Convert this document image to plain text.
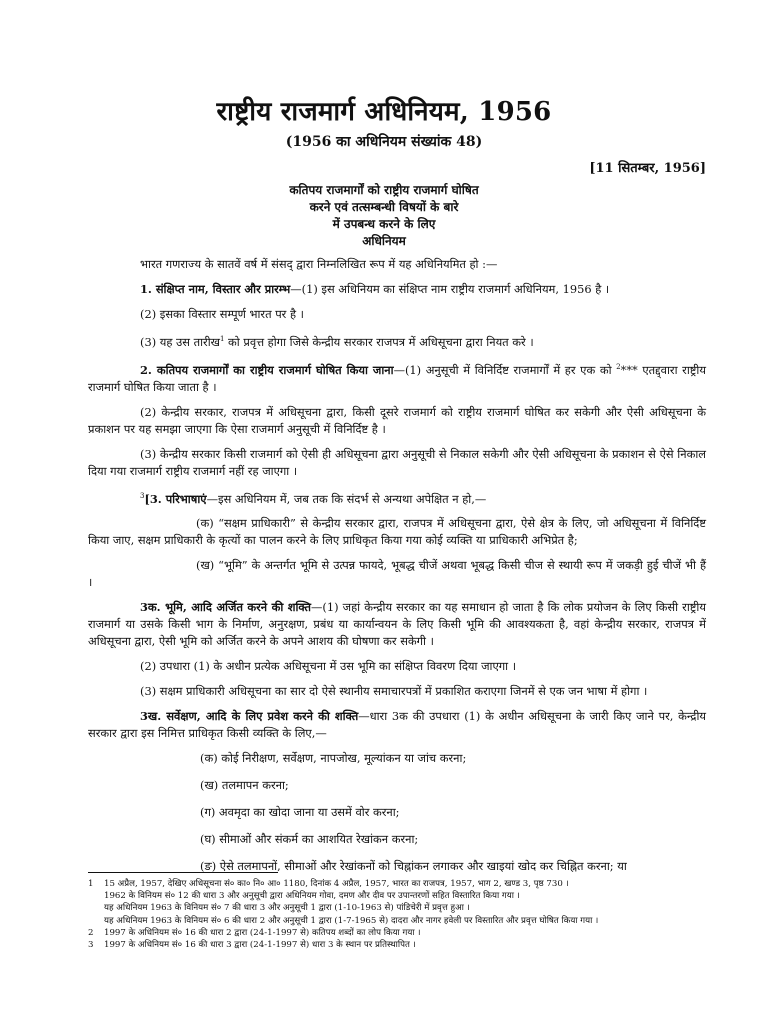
राष्ट्रीय राजमार्ग अधिनियम, 1956
(1956 का अधिनियम संख्यांक 48)
[11 सितम्बर, 1956]
कतिपय राजमार्गों को राष्ट्रीय राजमार्ग घोषित
करने एवं तत्सम्बन्धी विषयों के बारे
में उपबन्ध करने के लिए
अधिनियम

भारत गणराज्य के सातवें वर्ष में संसद् द्वारा निम्नलिखित रूप में यह अधिनियमित हो :—

1. संक्षिप्त नाम, विस्तार और प्रारम्भ—(1) इस अधिनियम का संक्षिप्त नाम राष्ट्रीय राजमार्ग अधिनियम, 1956 है ।

(2) इसका विस्तार सम्पूर्ण भारत पर है ।

(3) यह उस तारीख$^1$ को प्रवृत्त होगा जिसे केन्द्रीय सरकार राजपत्र में अधिसूचना द्वारा नियत करे ।

2. कतिपय राजमार्गों का राष्ट्रीय राजमार्ग घोषित किया जाना—(1) अनुसूची में विनिर्दिष्ट राजमार्गों में हर एक को $^2$*** एतद्द्वारा राष्ट्रीय राजमार्ग घोषित किया जाता है ।

(2) केन्द्रीय सरकार, राजपत्र में अधिसूचना द्वारा, किसी दूसरे राजमार्ग को राष्ट्रीय राजमार्ग घोषित कर सकेगी और ऐसी अधिसूचना के प्रकाशन पर यह समझा जाएगा कि ऐसा राजमार्ग अनुसूची में विनिर्दिष्ट है ।

(3) केन्द्रीय सरकार किसी राजमार्ग को ऐसी ही अधिसूचना द्वारा अनुसूची से निकाल सकेगी और ऐसी अधिसूचना के प्रकाशन से ऐसे निकाल दिया गया राजमार्ग राष्ट्रीय राजमार्ग नहीं रह जाएगा ।

$^3$[3. परिभाषाएं—इस अधिनियम में, जब तक कि संदर्भ से अन्यथा अपेक्षित न हो,—

(क) “सक्षम प्राधिकारी” से केन्द्रीय सरकार द्वारा, राजपत्र में अधिसूचना द्वारा, ऐसे क्षेत्र के लिए, जो अधिसूचना में विनिर्दिष्ट किया जाए, सक्षम प्राधिकारी के कृत्यों का पालन करने के लिए प्राधिकृत किया गया कोई व्यक्ति या प्राधिकारी अभिप्रेत है;

(ख) “भूमि” के अन्तर्गत भूमि से उत्पन्न फायदे, भूबद्ध चीजें अथवा भूबद्ध किसी चीज से स्थायी रूप में जकड़ी हुई चीजें भी हैं ।

3क. भूमि, आदि अर्जित करने की शक्ति—(1) जहां केन्द्रीय सरकार का यह समाधान हो जाता है कि लोक प्रयोजन के लिए किसी राष्ट्रीय राजमार्ग या उसके किसी भाग के निर्माण, अनुरक्षण, प्रबंध या कार्यान्वयन के लिए किसी भूमि की आवश्यकता है, वहां केन्द्रीय सरकार, राजपत्र में अधिसूचना द्वारा, ऐसी भूमि को अर्जित करने के अपने आशय की घोषणा कर सकेगी ।

(2) उपधारा (1) के अधीन प्रत्येक अधिसूचना में उस भूमि का संक्षिप्त विवरण दिया जाएगा ।

(3) सक्षम प्राधिकारी अधिसूचना का सार दो ऐसे स्थानीय समाचारपत्रों में प्रकाशित कराएगा जिनमें से एक जन भाषा में होगा ।

3ख. सर्वेक्षण, आदि के लिए प्रवेश करने की शक्ति—धारा 3क की उपधारा (1) के अधीन अधिसूचना के जारी किए जाने पर, केन्द्रीय सरकार द्वारा इस निमित्त प्राधिकृत किसी व्यक्ति के लिए,—

(क) कोई निरीक्षण, सर्वेक्षण, नापजोख, मूल्यांकन या जांच करना;

(ख) तलमापन करना;

(ग) अवमृदा का खोदा जाना या उसमें वोर करना;

(घ) सीमाओं और संकर्म का आशयित रेखांकन करना;

(ङ) ऐसे तलमापनों, सीमाओं और रेखांकनों को चिह्नांकन लगाकर और खाइयां खोद कर चिह्नित करना; या

1	15 अप्रैल, 1957, देखिए अधिसूचना सं० का० नि० आ० 1180, दिनांक 4 अप्रैल, 1957, भारत का राजपत्र, 1957, भाग 2, खण्ड 3, पृष्ठ 730 ।
1962 के विनियम सं० 12 की धारा 3 और अनुसूची द्वारा अधिनियम गोवा, दमण और दीव पर उपान्तरणों सहित विस्तारित किया गया ।
यह अधिनियम 1963 के विनियम सं० 7 की धारा 3 और अनुसूची 1 द्वारा (1-10-1963 से) पांडिचेरी में प्रवृत्त हुआ ।
यह अधिनियम 1963 के विनियम सं० 6 की धारा 2 और अनुसूची 1 द्वारा (1-7-1965 से) दादरा और नागर हवेली पर विस्तारित और प्रवृत्त घोषित किया गया ।
2	1997 के अधिनियम सं० 16 की धारा 2 द्वारा (24-1-1997 से) कतिपय शब्दों का लोप किया गया ।
3	1997 के अधिनियम सं० 16 की धारा 3 द्वारा (24-1-1997 से) धारा 3 के स्थान पर प्रतिस्थापित ।
